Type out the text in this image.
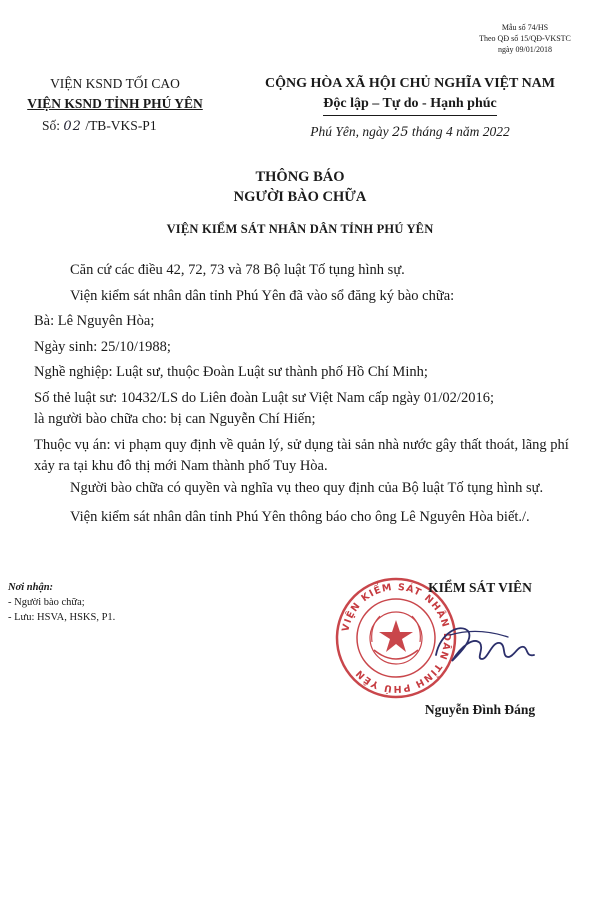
Mẫu số 74/HS
Theo QĐ số 15/QĐ-VKSTC
ngày 09/01/2018
VIỆN KSND TỐI CAO
VIỆN KSND TỈNH PHÚ YÊN
Số: 02 /TB-VKS-P1
CỘNG HÒA XÃ HỘI CHỦ NGHĨA VIỆT NAM
Độc lập – Tự do - Hạnh phúc
Phú Yên, ngày 25 tháng 4 năm 2022
THÔNG BÁO
NGƯỜI BÀO CHỮA
VIỆN KIỂM SÁT NHÂN DÂN TỈNH PHÚ YÊN

Căn cứ các điều 42, 72, 73 và 78 Bộ luật Tố tụng hình sự.

Viện kiểm sát nhân dân tỉnh Phú Yên đã vào sổ đăng ký bào chữa:

Bà: Lê Nguyên Hòa;

Ngày sinh: 25/10/1988;

Nghề nghiệp: Luật sư, thuộc Đoàn Luật sư thành phố Hồ Chí Minh;

Số thẻ luật sư: 10432/LS do Liên đoàn Luật sư Việt Nam cấp ngày 01/02/2016;

là người bào chữa cho: bị can Nguyễn Chí Hiến;

Thuộc vụ án: vi phạm quy định về quản lý, sử dụng tài sản nhà nước gây thất thoát, lãng phí xảy ra tại khu đô thị mới Nam thành phố Tuy Hòa.

Người bào chữa có quyền và nghĩa vụ theo quy định của Bộ luật Tố tụng hình sự.

Viện kiểm sát nhân dân tỉnh Phú Yên thông báo cho ông Lê Nguyên Hòa biết./.

Nơi nhận:
- Người bào chữa;
- Lưu: HSVA, HSKS, P1.
VIỆN KIỂM SÁT NHÂN DÂN TỈNH PHÚ YÊN
KIỂM SÁT VIÊN
Nguyễn Đình Đáng
